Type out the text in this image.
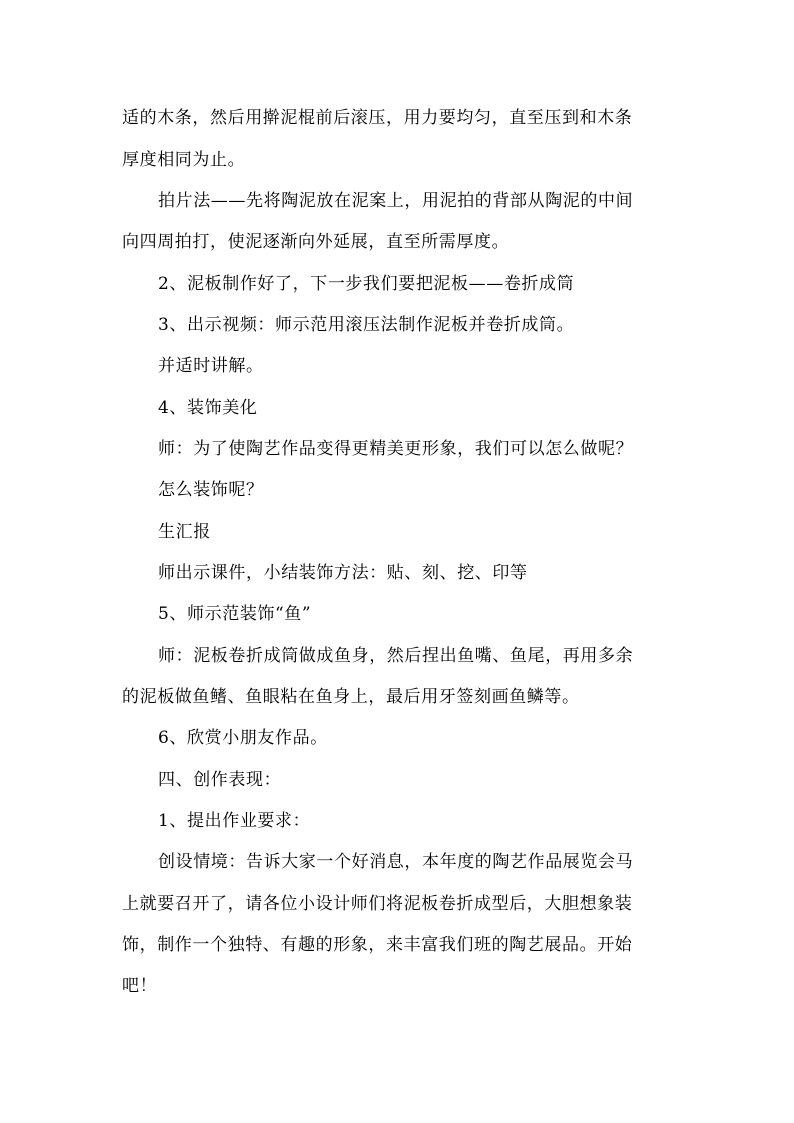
适的木条，然后用擀泥棍前后滚压，用力要均匀，直至压到和木条
厚度相同为止。
拍片法——先将陶泥放在泥案上，用泥拍的背部从陶泥的中间
向四周拍打，使泥逐渐向外延展，直至所需厚度。
2、泥板制作好了，下一步我们要把泥板——卷折成筒
3、出示视频：师示范用滚压法制作泥板并卷折成筒。
并适时讲解。
4、装饰美化
师：为了使陶艺作品变得更精美更形象，我们可以怎么做呢？
怎么装饰呢？
生汇报
师出示课件，小结装饰方法：贴、刻、挖、印等
5、师示范装饰“鱼”
师：泥板卷折成筒做成鱼身，然后捏出鱼嘴、鱼尾，再用多余
的泥板做鱼鳍、鱼眼粘在鱼身上，最后用牙签刻画鱼鳞等。
6、欣赏小朋友作品。
四、创作表现：
1、提出作业要求：
创设情境：告诉大家一个好消息，本年度的陶艺作品展览会马
上就要召开了，请各位小设计师们将泥板卷折成型后，大胆想象装
饰，制作一个独特、有趣的形象，来丰富我们班的陶艺展品。开始
吧！
